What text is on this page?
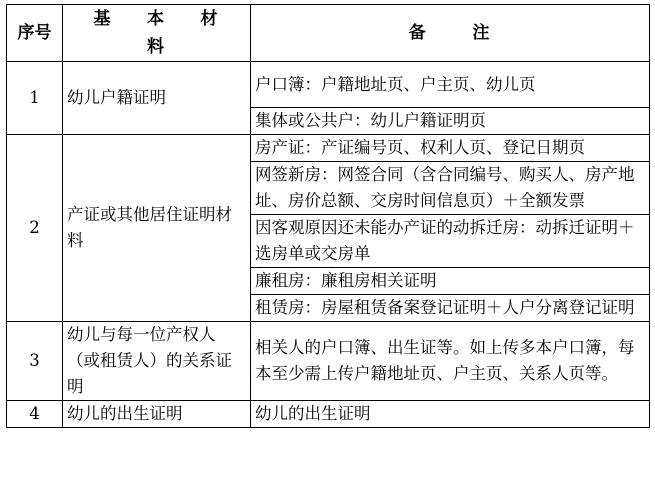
序号	基 本 材 料	备 注
1	幼儿户籍证明	户口簿：户籍地址页、户主页、幼儿页
		集体或公共户：幼儿户籍证明页
2	产证或其他居住证明材料	房产证：产证编号页、权利人页、登记日期页
		网签新房：网签合同（含合同编号、购买人、房产地址、房价总额、交房时间信息页）＋全额发票
		因客观原因还未能办产证的动拆迁房：动拆迁证明＋选房单或交房单
		廉租房：廉租房相关证明
		租赁房：房屋租赁备案登记证明＋人户分离登记证明
3	幼儿与每一位产权人（或租赁人）的关系证明	相关人的户口簿、出生证等。如上传多本户口簿，每本至少需上传户籍地址页、户主页、关系人页等。
4	幼儿的出生证明	幼儿的出生证明
